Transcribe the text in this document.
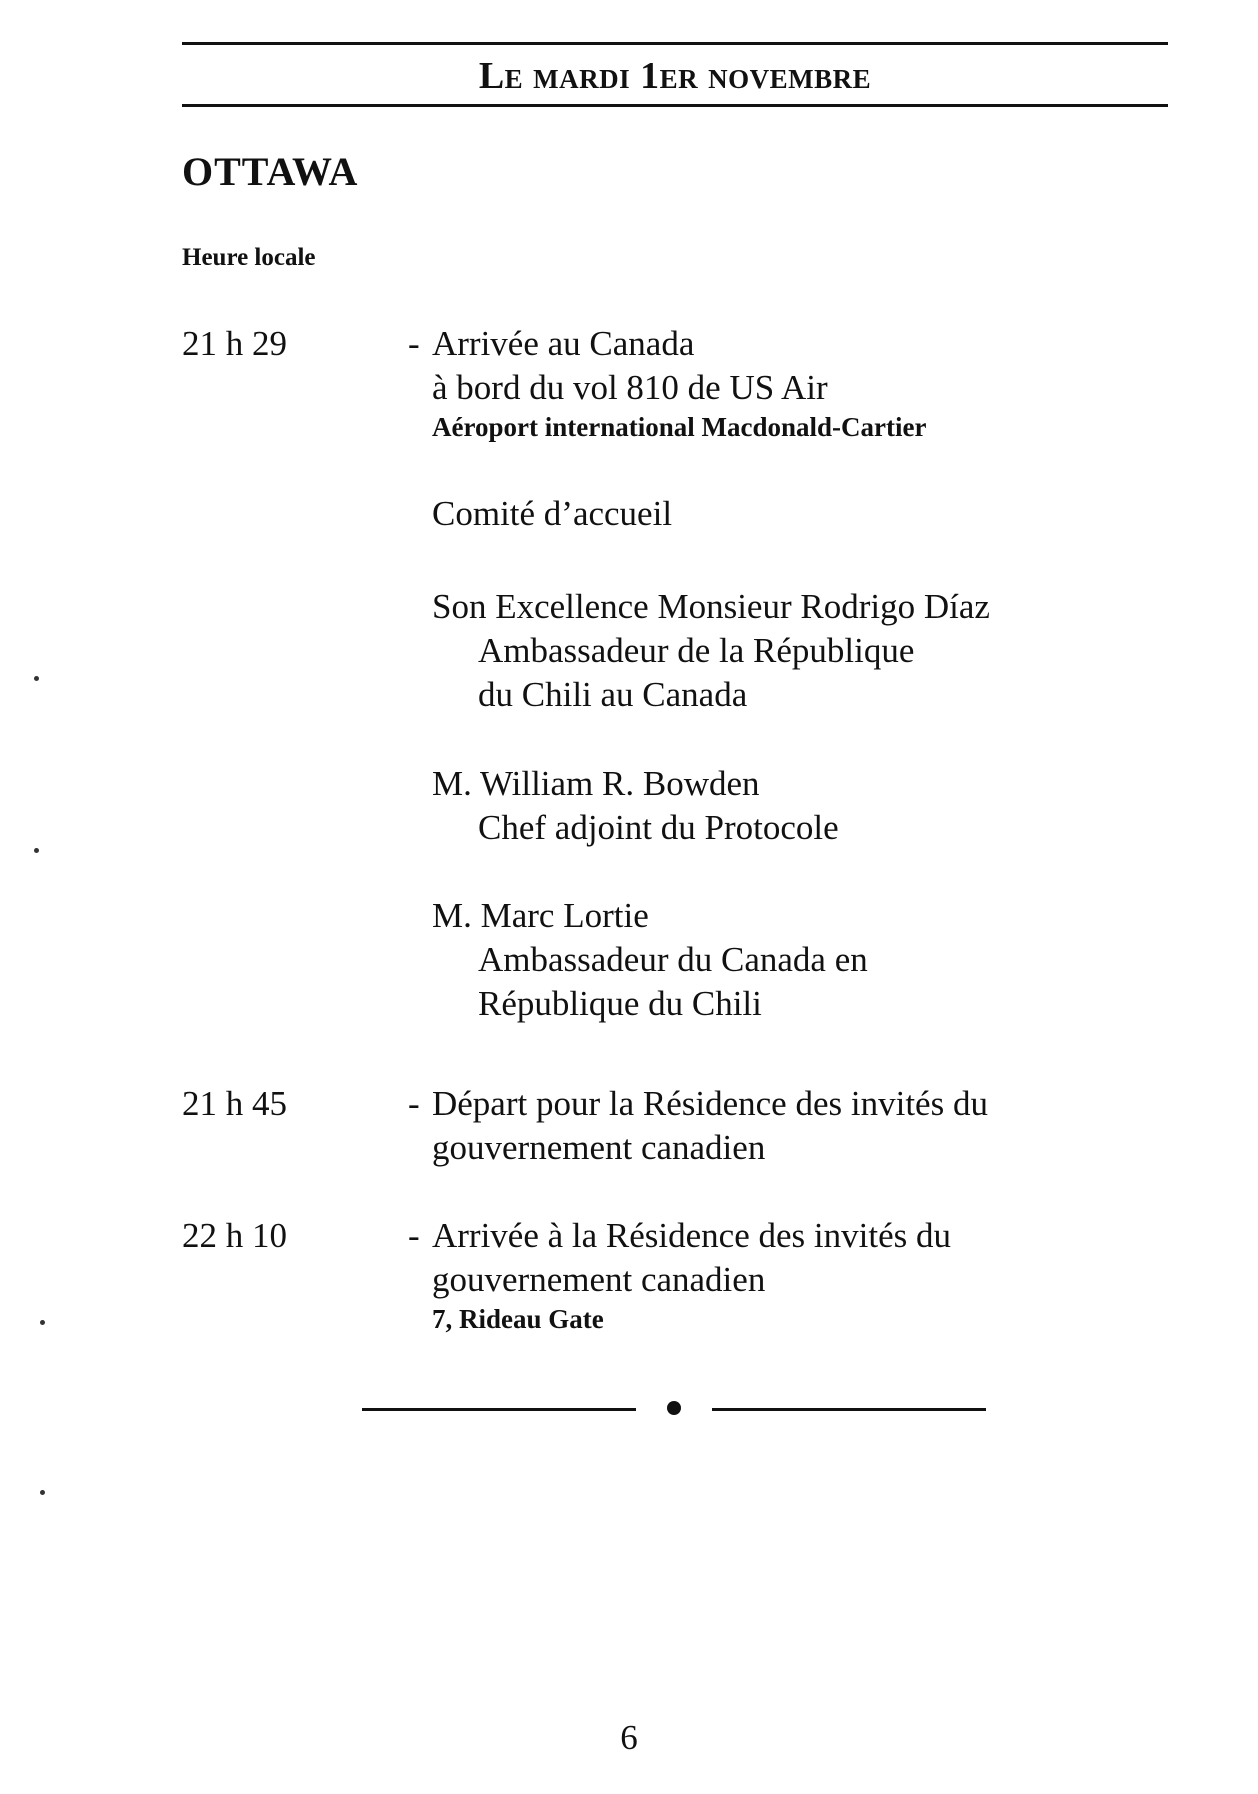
Le mardi 1er novembre
OTTAWA
Heure locale
21 h 29	- Arrivée au Canada
à bord du vol 810 de US Air
Aéroport international Macdonald-Cartier
Comité d’accueil
Son Excellence Monsieur Rodrigo Díaz
Ambassadeur de la République
du Chili au Canada
M. William R. Bowden
Chef adjoint du Protocole
M. Marc Lortie
Ambassadeur du Canada en
République du Chili
21 h 45	- Départ pour la Résidence des invités du
gouvernement canadien
22 h 10	- Arrivée à la Résidence des invités du
gouvernement canadien
7, Rideau Gate
6
